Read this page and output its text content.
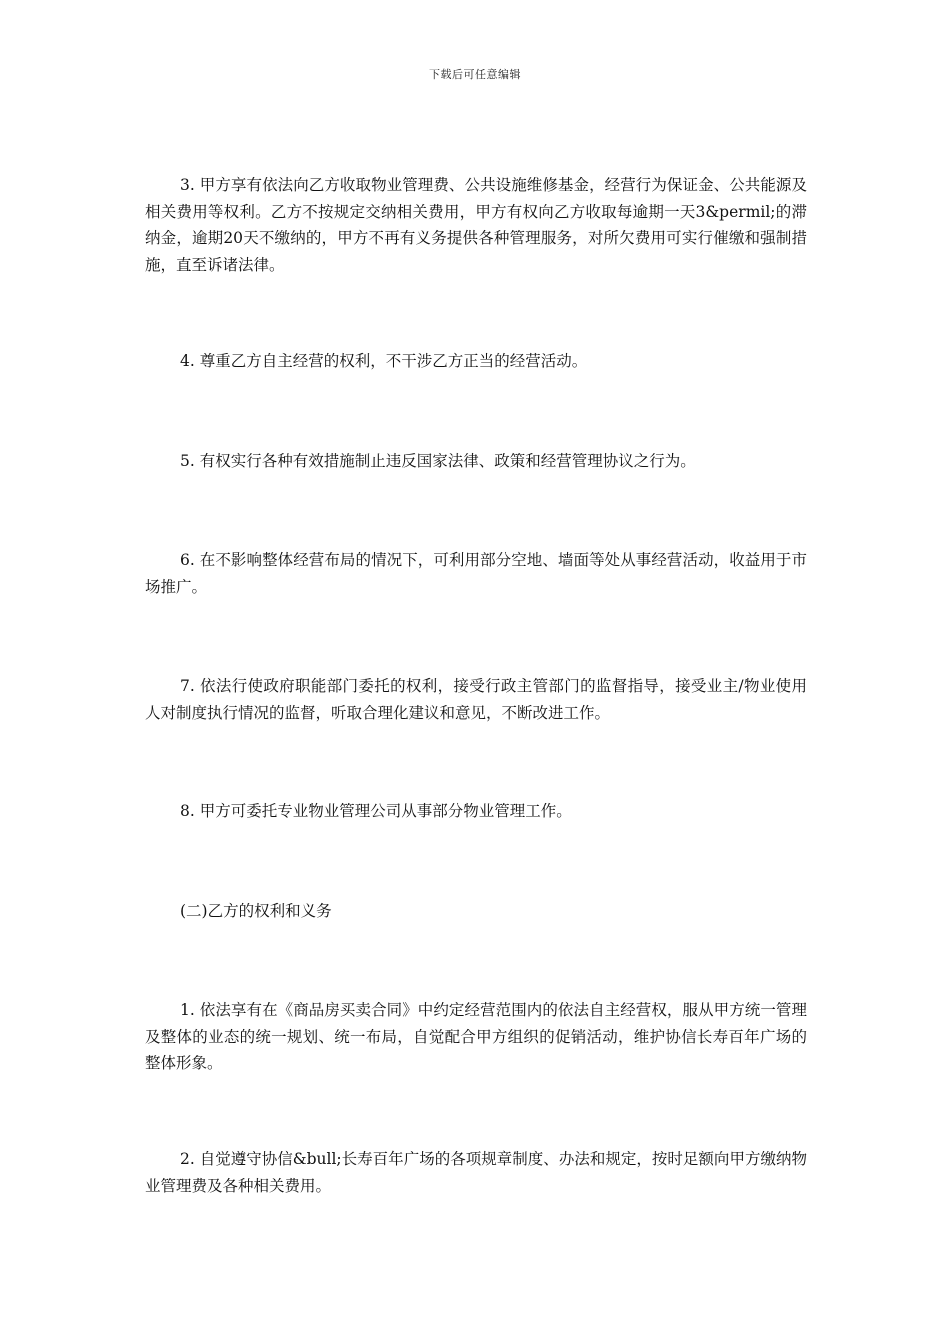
下载后可任意编辑

3. 甲方享有依法向乙方收取物业管理费、公共设施维修基金，经营行为保证金、公共能源及相关费用等权利。乙方不按规定交纳相关费用，甲方有权向乙方收取每逾期一天3&permil;的滞纳金，逾期20天不缴纳的，甲方不再有义务提供各种管理服务，对所欠费用可实行催缴和强制措施，直至诉诸法律。

4. 尊重乙方自主经营的权利，不干涉乙方正当的经营活动。

5. 有权实行各种有效措施制止违反国家法律、政策和经营管理协议之行为。

6. 在不影响整体经营布局的情况下，可利用部分空地、墙面等处从事经营活动，收益用于市场推广。

7. 依法行使政府职能部门委托的权利，接受行政主管部门的监督指导，接受业主/物业使用人对制度执行情况的监督，听取合理化建议和意见，不断改进工作。

8. 甲方可委托专业物业管理公司从事部分物业管理工作。

(二)乙方的权利和义务

1. 依法享有在《商品房买卖合同》中约定经营范围内的依法自主经营权，服从甲方统一管理及整体的业态的统一规划、统一布局，自觉配合甲方组织的促销活动，维护协信长寿百年广场的整体形象。

2. 自觉遵守协信&bull;长寿百年广场的各项规章制度、办法和规定，按时足额向甲方缴纳物业管理费及各种相关费用。
